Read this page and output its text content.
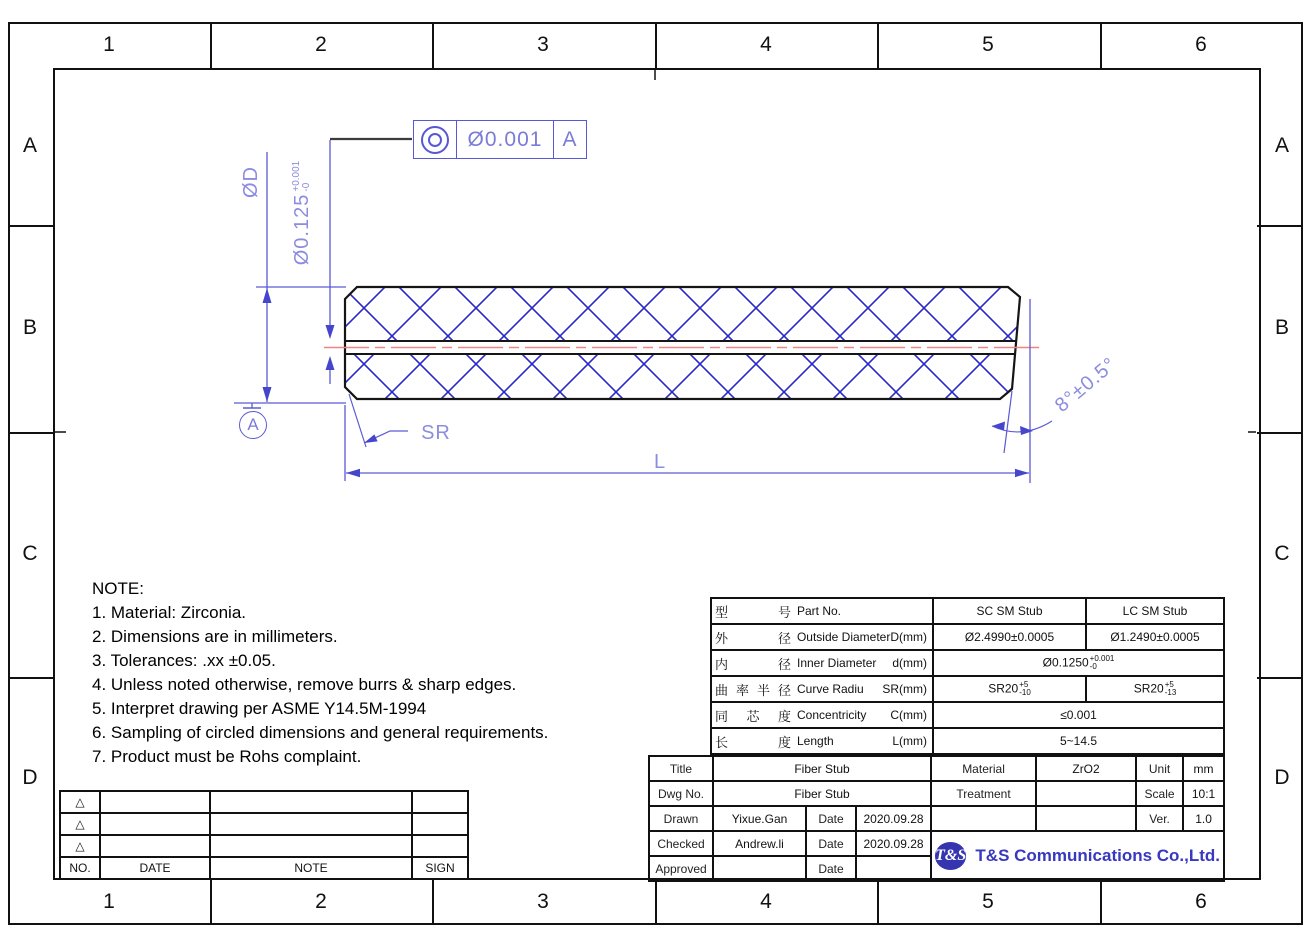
1	2	3	4	5	6
1	2	3	4	5	6
A
B
C
D
A
B
C
D
Ø0.001 A
ØD
Ø0.125
+0.001 -0
A	SR
L
8°±0.5°
NOTE:
1. Material: Zirconia.
2. Dimensions are in millimeters.
3. Tolerances: .xx ±0.05.
4. Unless noted otherwise, remove burrs & sharp edges.
5. Interpret drawing per ASME Y14.5M-1994
6. Sampling of circled dimensions and general requirements.
7. Product must be Rohs complaint.
型 号 Part No.	SC SM Stub	LC SM Stub

外 径 Outside Diameter D(mm)	Ø2.4990±0.0005	Ø1.2490±0.0005

内 径 Inner Diameter d(mm)	Ø0.1250 +0.001
-0	

曲率半径 Curve Radiu SR(mm)	SR20 +5
-10	SR20 +5
-13

同 芯 度 Concentricity C(mm)	≤0.001	

长 度 Length L(mm)	5~14.5	
Title	Fiber Stub			Material	ZrO2	Unit	mm
Dwg No.	Fiber Stub			Treatment		Scale	10:1
Drawn	Yixue.Gan	Date	2020.09.28			Ver.	1.0
Checked	Andrew.li	Date	2020.09.28	T&S T&S Communications Co.,Ltd.			

Approved		Date					
△			
△			
△			
NO.	DATE	NOTE	SIGN
